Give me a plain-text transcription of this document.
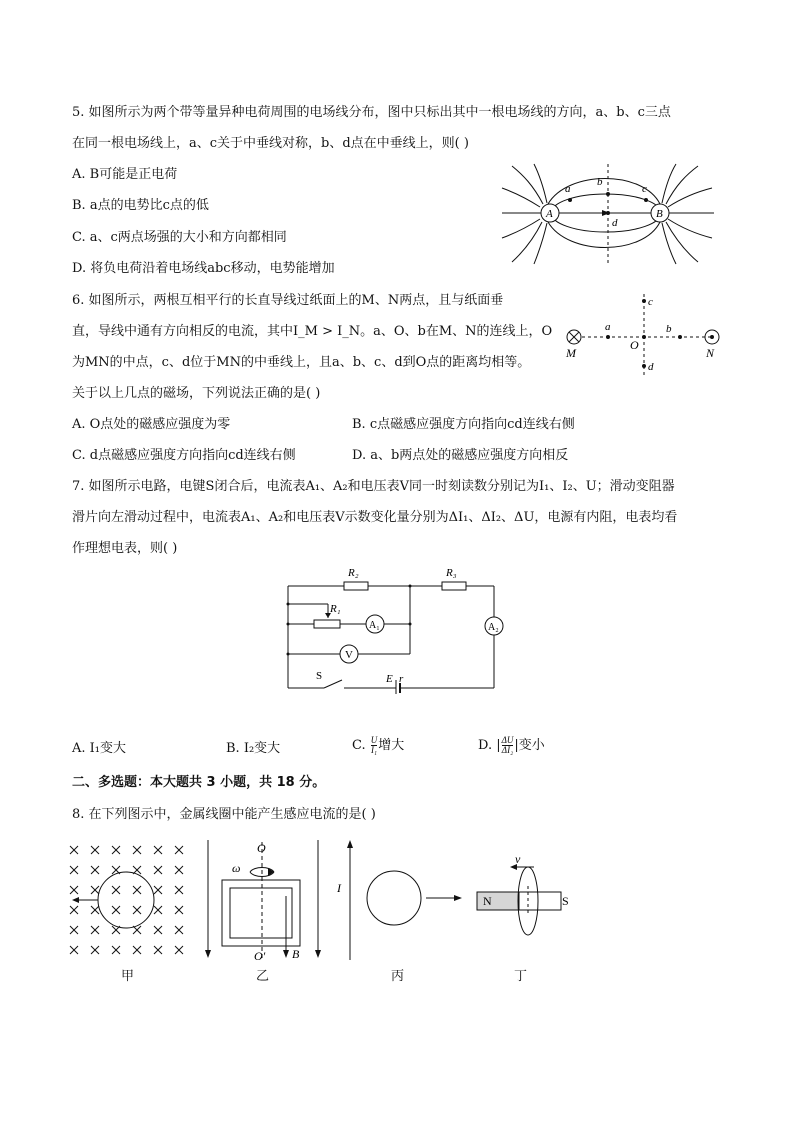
5. 如图所示为两个带等量异种电荷周围的电场线分布，图中只标出其中一根电场线的方向，a、b、c三点
在同一根电场线上，a、c关于中垂线对称，b、d点在中垂线上，则( )
A. B可能是正电荷
B. a点的电势比c点的低
C. a、c两点场强的大小和方向都相同
D. 将负电荷沿着电场线abc移动，电势能增加
A	B
a
b
c
d
6. 如图所示，两根互相平行的长直导线过纸面上的M、N两点，且与纸面垂
直，导线中通有方向相反的电流，其中I_M > I_N。a、O、b在M、N的连线上，O
为MN的中点，c、d位于MN的中垂线上，且a、b、c、d到O点的距离均相等。
关于以上几点的磁场，下列说法正确的是( )
A. O点处的磁感应强度为零	B. c点磁感应强度方向指向cd连线右侧
C. d点磁感应强度方向指向cd连线右侧	D. a、b两点处的磁感应强度方向相反
M	N
O
a	b
c
d
7. 如图所示电路，电键S闭合后，电流表A₁、A₂和电压表V同一时刻读数分别记为I₁、I₂、U；滑动变阻器
滑片向左滑动过程中，电流表A₁、A₂和电压表V示数变化量分别为ΔI₁、ΔI₂、ΔU，电源有内阻，电表均看
作理想电表，则( )
R₂	R₃
R₁
A₁	A₂
V
S	E r
A. I₁变大	B. I₂变大	C. $\frac{U}{\text{I₁}}$ 增大	D. | $\frac{\Delta U}{\text{ΔI₂}}$ |变小
二、多选题：本大题共 3 小题，共 18 分。
8. 在下列图示中，金属线圈中能产生感应电流的是( )
甲
ω
O
O′ B
乙
I
丙
v
N	S
丁
